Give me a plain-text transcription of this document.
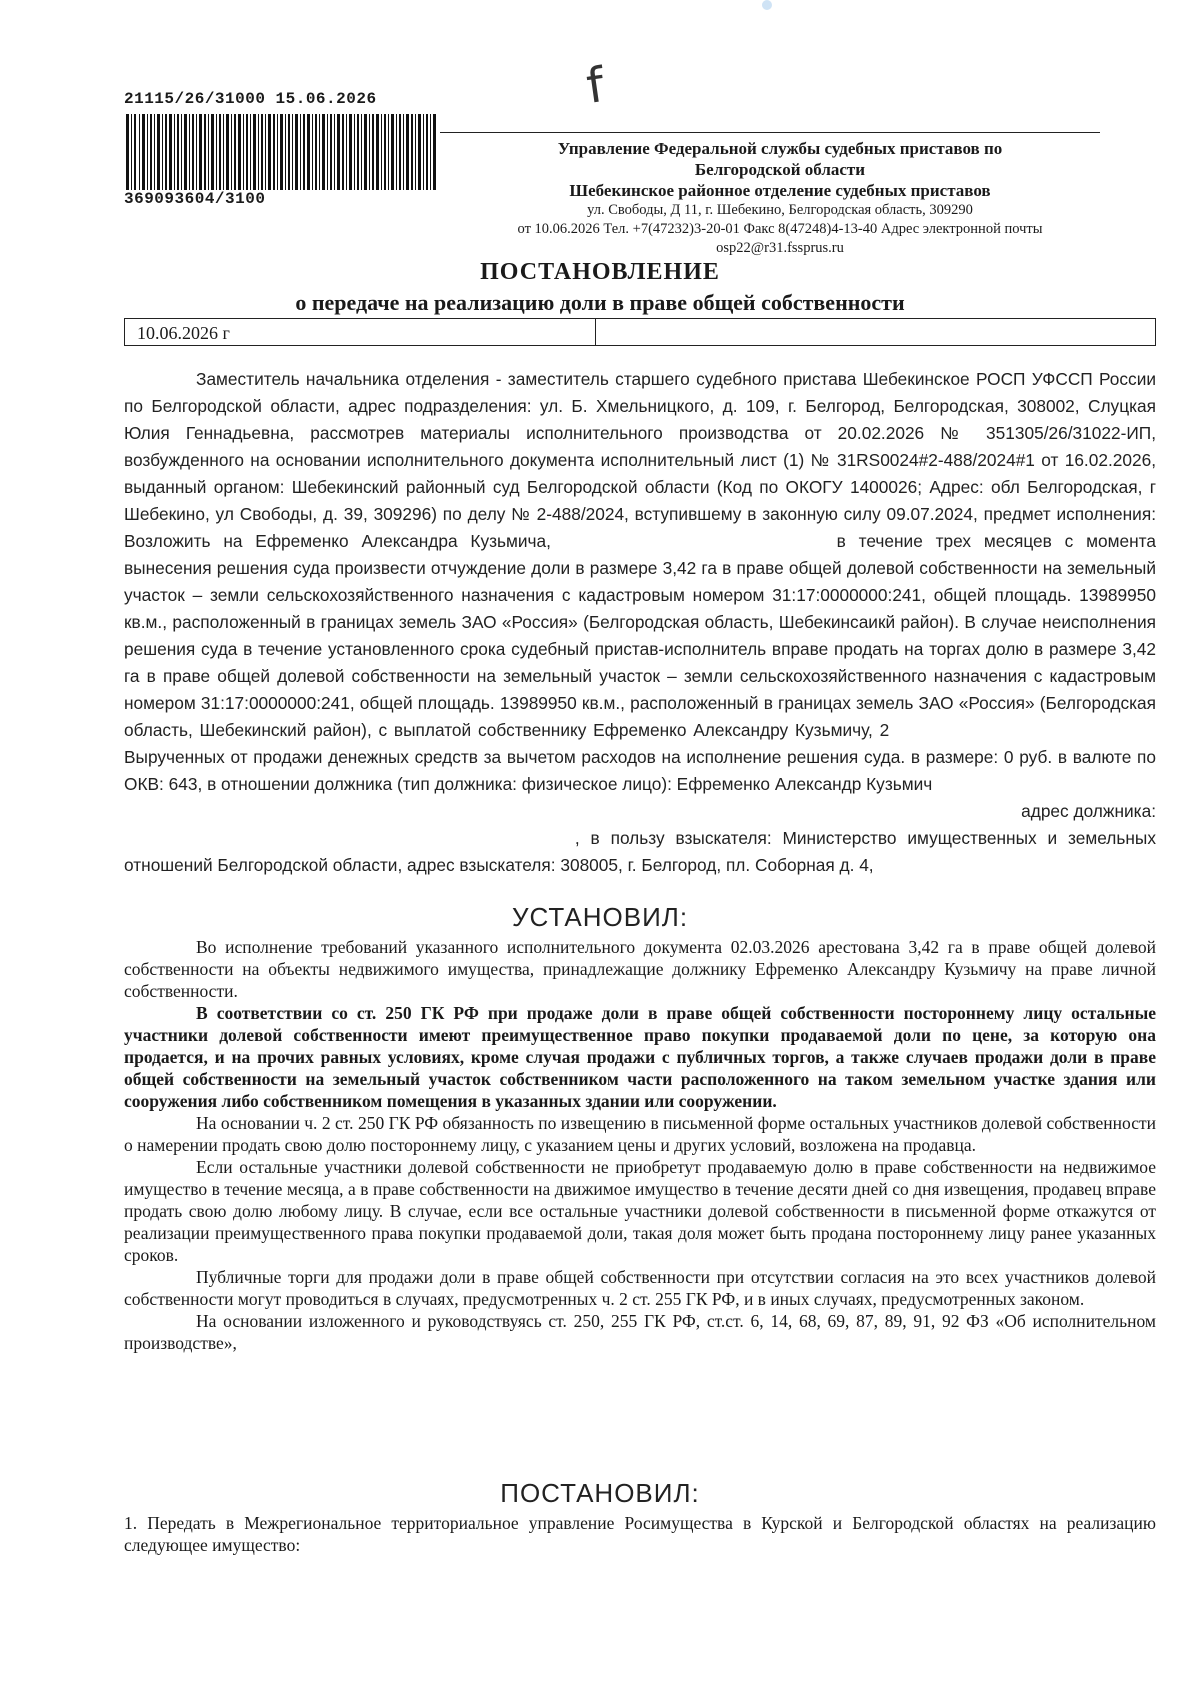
f
21115/26/31000 15.06.2026
369093604/3100
Управление Федеральной службы судебных приставов по
Белгородской области
Шебекинское районное отделение судебных приставов
ул. Свободы, Д 11, г. Шебекино, Белгородская область, 309290
от 10.06.2026 Тел. +7(47232)3-20-01 Факс 8(47248)4-13-40 Адрес электронной почты
osp22@r31.fssprus.ru
ПОСТАНОВЛЕНИЕ
о передаче на реализацию доли в праве общей собственности
10.06.2026 г

Заместитель начальника отделения - заместитель старшего судебного пристава Шебекинское РОСП УФССП России по Белгородской области, адрес подразделения: ул. Б. Хмельницкого, д. 109, г. Белгород, Белгородская, 308002, Слуцкая Юлия Геннадьевна, рассмотрев материалы исполнительного производства от 20.02.2026 № 351305/26/31022-ИП, возбужденного на основании исполнительного документа исполнительный лист (1) № 31RS0024#2-488/2024#1 от 16.02.2026, выданный органом: Шебекинский районный суд Белгородской области (Код по ОКОГУ 1400026; Адрес: обл Белгородская, г Шебекино, ул Свободы, д. 39, 309296) по делу № 2-488/2024, вступившему в законную силу 09.07.2024, предмет исполнения: Возложить на Ефременко Александра Кузьмича,	в течение трех месяцев с момента вынесения решения суда произвести отчуждение доли в размере 3,42 га в праве общей долевой собственности на земельный участок – земли сельскохозяйственного назначения с кадастровым номером 31:17:0000000:241, общей площадь. 13989950 кв.м., расположенный в границах земель ЗАО «Россия» (Белгородская область, Шебекинсаикй район). В случае неисполнения решения суда в течение установленного срока судебный пристав-исполнитель вправе продать на торгах долю в размере 3,42 га в праве общей долевой собственности на земельный участок – земли сельскохозяйственного назначения с кадастровым номером 31:17:0000000:241, общей площадь. 13989950 кв.м., расположенный в границах земель ЗАО «Россия» (Белгородская область, Шебекинский район), с выплатой собственнику Ефременко Александру Кузьмичу, 2  Вырученных от продажи денежных средств за вычетом расходов на исполнение решения суда. в размере: 0 руб. в валюте по ОКВ: 643, в отношении должника (тип должника: физическое лицо): Ефременко Александр Кузьмич

адрес должника:

, в пользу взыскателя: Министерство имущественных и земельных отношений Белгородской области, адрес взыскателя: 308005, г. Белгород, пл. Соборная д. 4,

УСТАНОВИЛ:

Во исполнение требований указанного исполнительного документа 02.03.2026 арестована 3,42 га в праве общей долевой собственности на объекты недвижимого имущества, принадлежащие должнику Ефременко Александру Кузьмичу на праве личной собственности.

В соответствии со ст. 250 ГК РФ при продаже доли в праве общей собственности постороннему лицу остальные участники долевой собственности имеют преимущественное право покупки продаваемой доли по цене, за которую она продается, и на прочих равных условиях, кроме случая продажи с публичных торгов, а также случаев продажи доли в праве общей собственности на земельный участок собственником части расположенного на таком земельном участке здания или сооружения либо собственником помещения в указанных здании или сооружении.

На основании ч. 2 ст. 250 ГК РФ обязанность по извещению в письменной форме остальных участников долевой собственности о намерении продать свою долю постороннему лицу, с указанием цены и других условий, возложена на продавца.

Если остальные участники долевой собственности не приобретут продаваемую долю в праве собственности на недвижимое имущество в течение месяца, а в праве собственности на движимое имущество в течение десяти дней со дня извещения, продавец вправе продать свою долю любому лицу. В случае, если все остальные участники долевой собственности в письменной форме откажутся от реализации преимущественного права покупки продаваемой доли, такая доля может быть продана постороннему лицу ранее указанных сроков.

Публичные торги для продажи доли в праве общей собственности при отсутствии согласия на это всех участников долевой собственности могут проводиться в случаях, предусмотренных ч. 2 ст. 255 ГК РФ, и в иных случаях, предусмотренных законом.

На основании изложенного и руководствуясь ст. 250, 255 ГК РФ, ст.ст. 6, 14, 68, 69, 87, 89, 91, 92 ФЗ «Об исполнительном производстве»,

ПОСТАНОВИЛ:

1. Передать в Межрегиональное территориальное управление Росимущества в Курской и Белгородской областях на реализацию следующее имущество:
